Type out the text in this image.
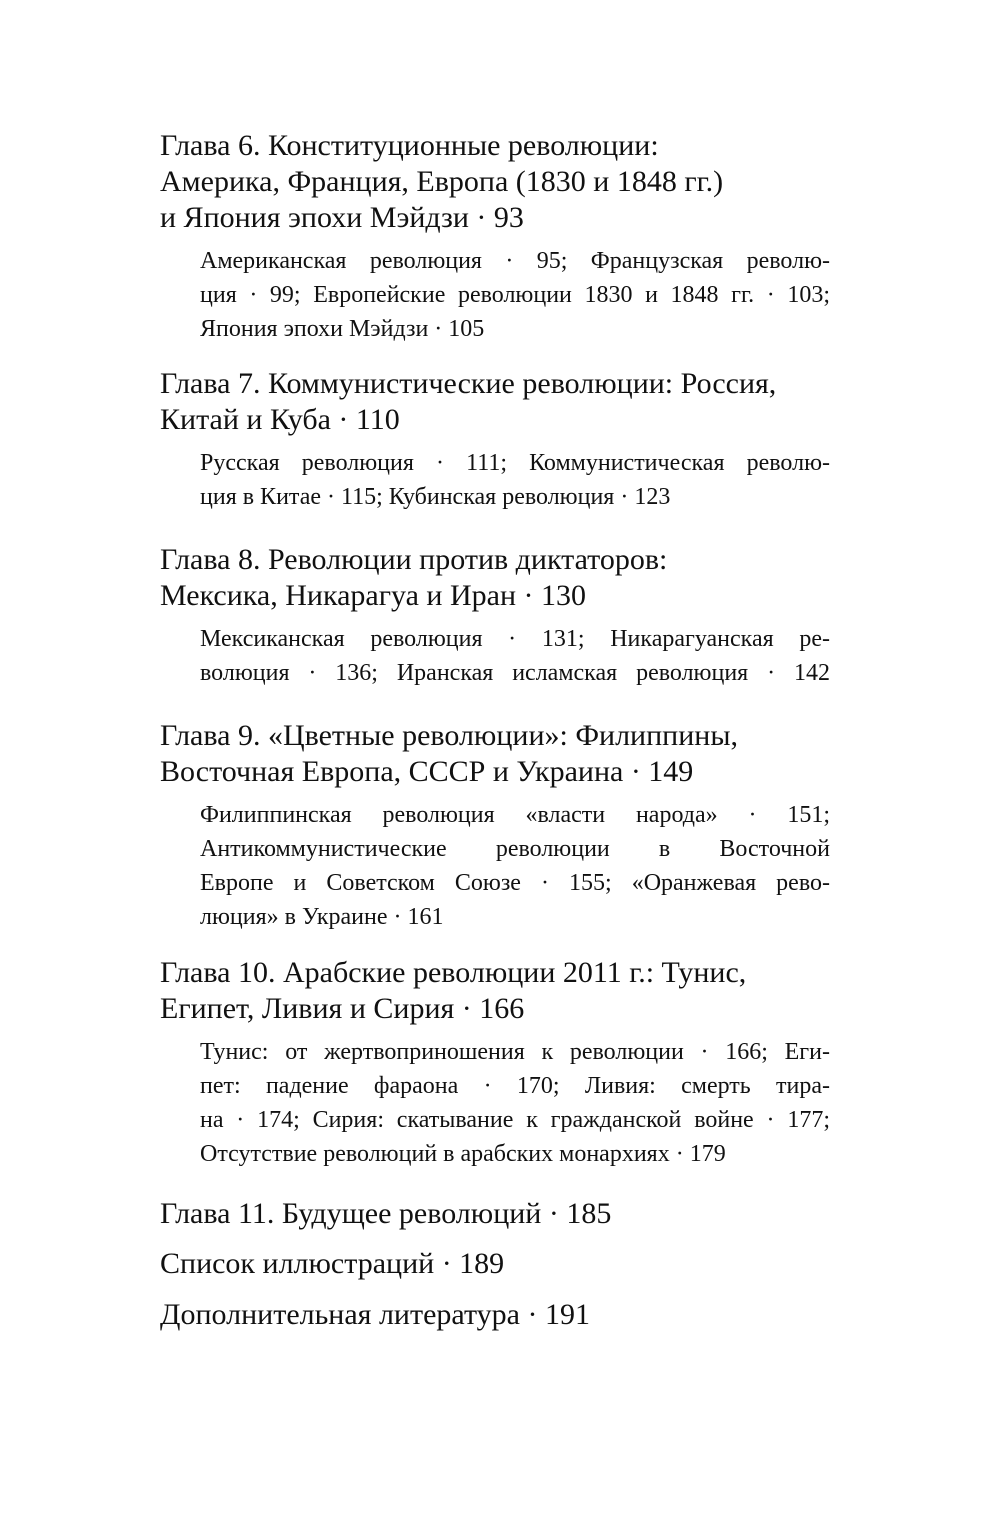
Глава 6. Конституционные революции:
Америка, Франция, Европа (1830 и 1848 гг.)
и Япония эпохи Мэйдзи · 93
Американская революция · 95; Французская револю-
ция · 99; Европейские революции 1830 и 1848 гг. · 103;
Япония эпохи Мэйдзи · 105
Глава 7. Коммунистические революции: Россия,
Китай и Куба · 110
Русская революция · 111; Коммунистическая револю-
ция в Китае · 115; Кубинская революция · 123
Глава 8. Революции против диктаторов:
Мексика, Никарагуа и Иран · 130
Мексиканская революция · 131; Никарагуанская ре-
волюция · 136; Иранская исламская революция · 142
Глава 9. «Цветные революции»: Филиппины,
Восточная Европа, СССР и Украина · 149
Филиппинская революция «власти народа» · 151;
Антикоммунистические революции в Восточной
Европе и Советском Союзе · 155; «Оранжевая рево-
люция» в Украине · 161
Глава 10. Арабские революции 2011 г.: Тунис,
Египет, Ливия и Сирия · 166
Тунис: от жертвоприношения к революции · 166; Еги-
пет: падение фараона · 170; Ливия: смерть тира-
на · 174; Сирия: скатывание к гражданской войне · 177;
Отсутствие революций в арабских монархиях · 179
Глава 11. Будущее революций · 185
Список иллюстраций · 189
Дополнительная литература · 191
